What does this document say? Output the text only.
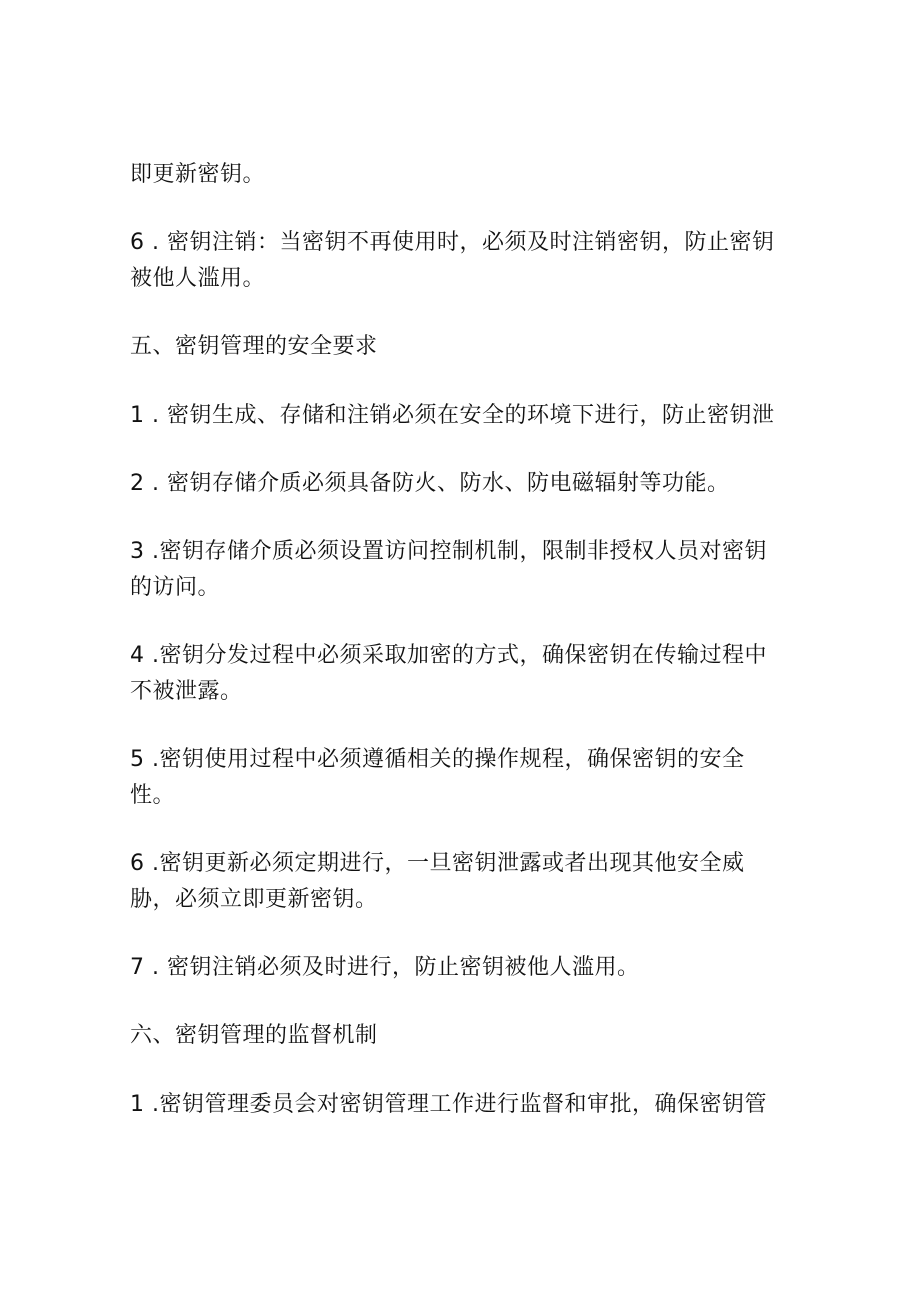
即更新密钥。
6 . 密钥注销：当密钥不再使用时，必须及时注销密钥，防止密钥
被他人滥用。
五、密钥管理的安全要求
1 . 密钥生成、存储和注销必须在安全的环境下进行，防止密钥泄
2 . 密钥存储介质必须具备防火、防水、防电磁辐射等功能。
3 .密钥存储介质必须设置访问控制机制，限制非授权人员对密钥
的访问。
4 .密钥分发过程中必须采取加密的方式，确保密钥在传输过程中
不被泄露。
5 .密钥使用过程中必须遵循相关的操作规程，确保密钥的安全
性。
6 .密钥更新必须定期进行，一旦密钥泄露或者出现其他安全威
胁，必须立即更新密钥。
7 . 密钥注销必须及时进行，防止密钥被他人滥用。
六、密钥管理的监督机制
1 .密钥管理委员会对密钥管理工作进行监督和审批，确保密钥管
